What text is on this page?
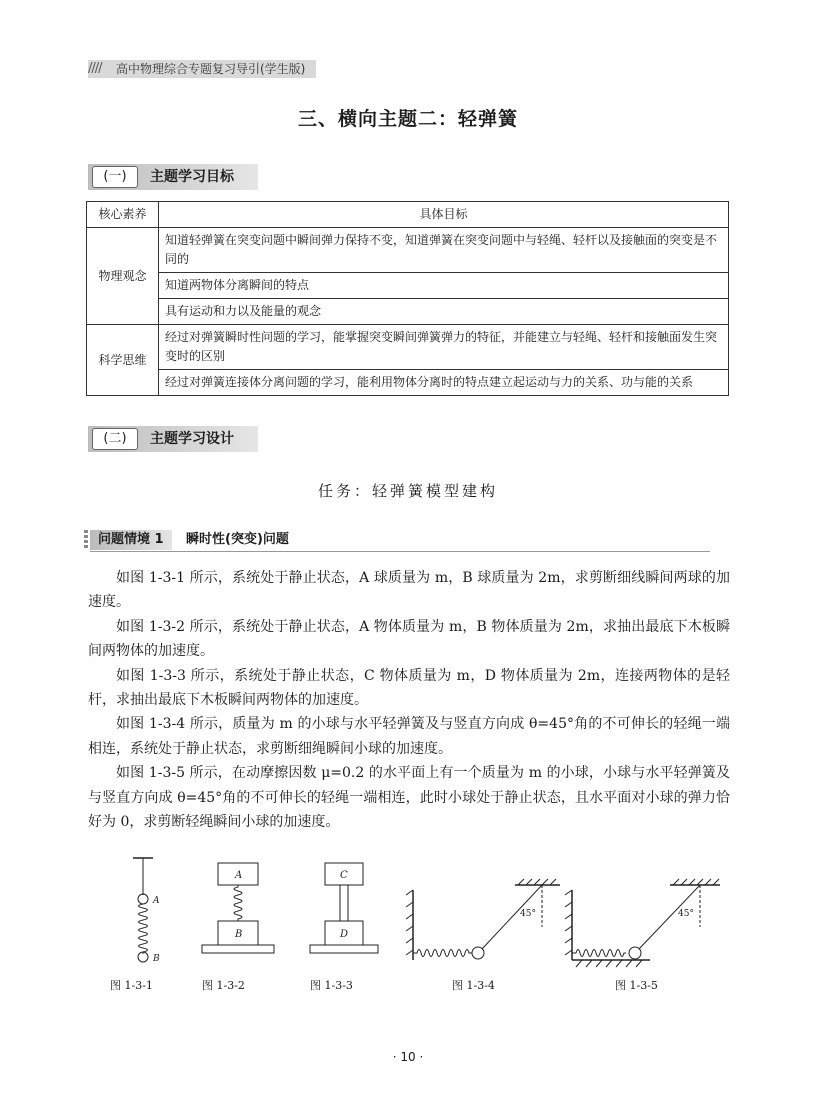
//// 高中物理综合专题复习导引(学生版)
三、横向主题二：轻弹簧
(一)	主题学习目标
核心素养	具体目标
物理观念	知道轻弹簧在突变问题中瞬间弹力保持不变，知道弹簧在突变问题中与轻绳、轻杆以及接触面的突变是不同的
	知道两物体分离瞬间的特点
	具有运动和力以及能量的观念
科学思维	经过对弹簧瞬时性问题的学习，能掌握突变瞬间弹簧弹力的特征，并能建立与轻绳、轻杆和接触面发生突变时的区别
	经过对弹簧连接体分离问题的学习，能利用物体分离时的特点建立起运动与力的关系、功与能的关系
(二)	主题学习设计
任务：轻弹簧模型建构
问题情境 1	瞬时性(突变)问题

如图 1-3-1 所示，系统处于静止状态，A 球质量为 m，B 球质量为 2m，求剪断细线瞬间两球的加速度。

如图 1-3-2 所示，系统处于静止状态，A 物体质量为 m，B 物体质量为 2m，求抽出最底下木板瞬间两物体的加速度。

如图 1-3-3 所示，系统处于静止状态，C 物体质量为 m，D 物体质量为 2m，连接两物体的是轻杆，求抽出最底下木板瞬间两物体的加速度。

如图 1-3-4 所示，质量为 m 的小球与水平轻弹簧及与竖直方向成 θ=45°角的不可伸长的轻绳一端相连，系统处于静止状态，求剪断细绳瞬间小球的加速度。

如图 1-3-5 所示，在动摩擦因数 μ=0.2 的水平面上有一个质量为 m 的小球，小球与水平轻弹簧及与竖直方向成 θ=45°角的不可伸长的轻绳一端相连，此时小球处于静止状态，且水平面对小球的弹力恰好为 0，求剪断轻绳瞬间小球的加速度。

A
B
A
B
C
D
45°	45°
图 1-3-1	图 1-3-2	图 1-3-3	图 1-3-4	图 1-3-5
· 10 ·
